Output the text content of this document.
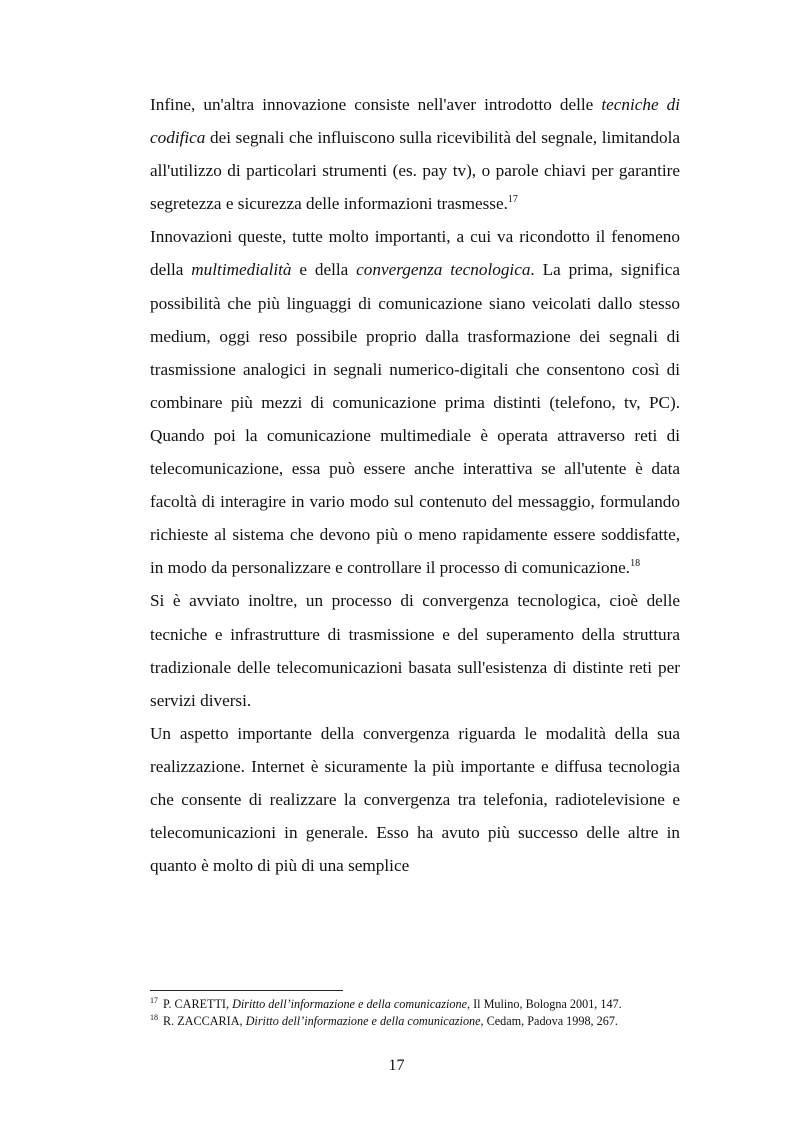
Infine, un'altra innovazione consiste nell'aver introdotto delle tecniche di codifica dei segnali che influiscono sulla ricevibilità del segnale, limitandola all'utilizzo di particolari strumenti (es. pay tv), o parole chiavi per garantire segretezza e sicurezza delle informazioni trasmesse.$^{17}$

Innovazioni queste, tutte molto importanti, a cui va ricondotto il fenomeno della multimedialità e della convergenza tecnologica. La prima, significa possibilità che più linguaggi di comunicazione siano veicolati dallo stesso medium, oggi reso possibile proprio dalla trasformazione dei segnali di trasmissione analogici in segnali numerico-digitali che consentono così di combinare più mezzi di comunicazione prima distinti (telefono, tv, PC). Quando poi la comunicazione multimediale è operata attraverso reti di telecomunicazione, essa può essere anche interattiva se all'utente è data facoltà di interagire in vario modo sul contenuto del messaggio, formulando richieste al sistema che devono più o meno rapidamente essere soddisfatte, in modo da personalizzare e controllare il processo di comunicazione.$^{18}$

Si è avviato inoltre, un processo di convergenza tecnologica, cioè delle tecniche e infrastrutture di trasmissione e del superamento della struttura tradizionale delle telecomunicazioni basata sull'esistenza di distinte reti per servizi diversi.

Un aspetto importante della convergenza riguarda le modalità della sua realizzazione. Internet è sicuramente la più importante e diffusa tecnologia che consente di realizzare la convergenza tra telefonia, radiotelevisione e telecomunicazioni in generale. Esso ha avuto più successo delle altre in quanto è molto di più di una semplice

$^{17}$ P. CARETTI, Diritto dell’informazione e della comunicazione, Il Mulino, Bologna 2001, 147.

$^{18}$ R. ZACCARIA, Diritto dell’informazione e della comunicazione, Cedam, Padova 1998, 267.

17
